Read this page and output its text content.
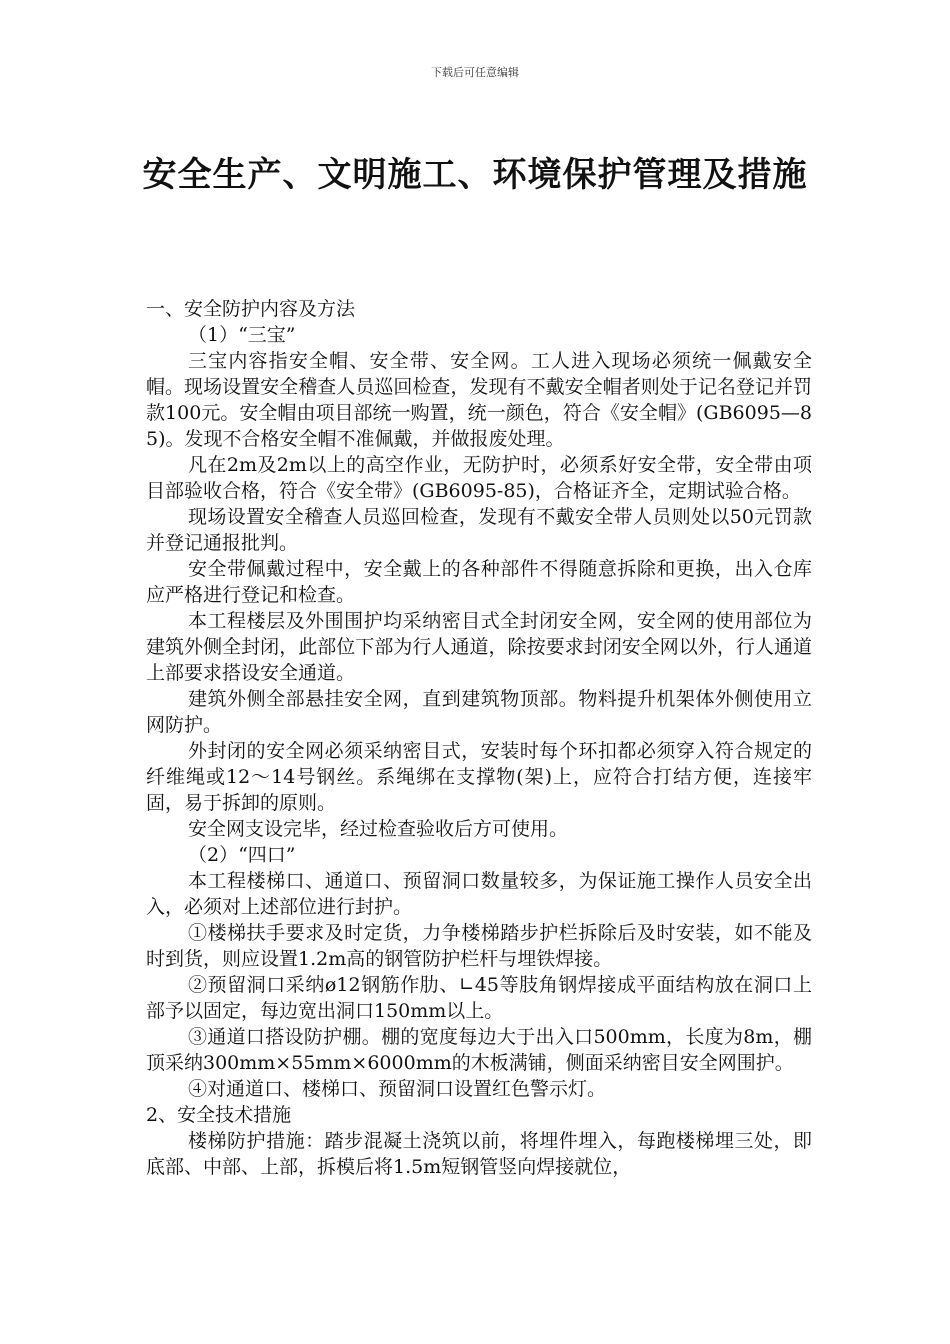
下载后可任意编辑
安全生产、文明施工、环境保护管理及措施

一、安全防护内容及方法

（1）“三宝”

三宝内容指安全帽、安全带、安全网。工人进入现场必须统一佩戴安全帽。现场设置安全稽查人员巡回检查，发现有不戴安全帽者则处于记名登记并罚款100元。安全帽由项目部统一购置，统一颜色，符合《安全帽》(GB6095—85)。发现不合格安全帽不准佩戴，并做报废处理。

凡在2m及2m以上的高空作业，无防护时，必须系好安全带，安全带由项目部验收合格，符合《安全带》(GB6095-85)，合格证齐全，定期试验合格。

现场设置安全稽查人员巡回检查，发现有不戴安全带人员则处以50元罚款并登记通报批判。

安全带佩戴过程中，安全戴上的各种部件不得随意拆除和更换，出入仓库应严格进行登记和检查。

本工程楼层及外围围护均采纳密目式全封闭安全网，安全网的使用部位为建筑外侧全封闭，此部位下部为行人通道，除按要求封闭安全网以外，行人通道上部要求搭设安全通道。

建筑外侧全部悬挂安全网，直到建筑物顶部。物料提升机架体外侧使用立网防护。

外封闭的安全网必须采纳密目式，安装时每个环扣都必须穿入符合规定的纤维绳或12～14号钢丝。系绳绑在支撑物(架)上，应符合打结方便，连接牢固，易于拆卸的原则。

安全网支设完毕，经过检查验收后方可使用。

（2）“四口”

本工程楼梯口、通道口、预留洞口数量较多，为保证施工操作人员安全出入，必须对上述部位进行封护。

①楼梯扶手要求及时定货，力争楼梯踏步护栏拆除后及时安装，如不能及时到货，则应设置1.2m高的钢管防护栏杆与埋铁焊接。

②预留洞口采纳ø12钢筋作肋、∟45等肢角钢焊接成平面结构放在洞口上部予以固定，每边宽出洞口150mm以上。

③通道口搭设防护棚。棚的宽度每边大于出入口500mm，长度为8m，棚顶采纳300mm×55mm×6000mm的木板满铺，侧面采纳密目安全网围护。

④对通道口、楼梯口、预留洞口设置红色警示灯。

2、安全技术措施

楼梯防护措施：踏步混凝土浇筑以前，将埋件埋入，每跑楼梯埋三处，即底部、中部、上部，拆模后将1.5m短钢管竖向焊接就位，
